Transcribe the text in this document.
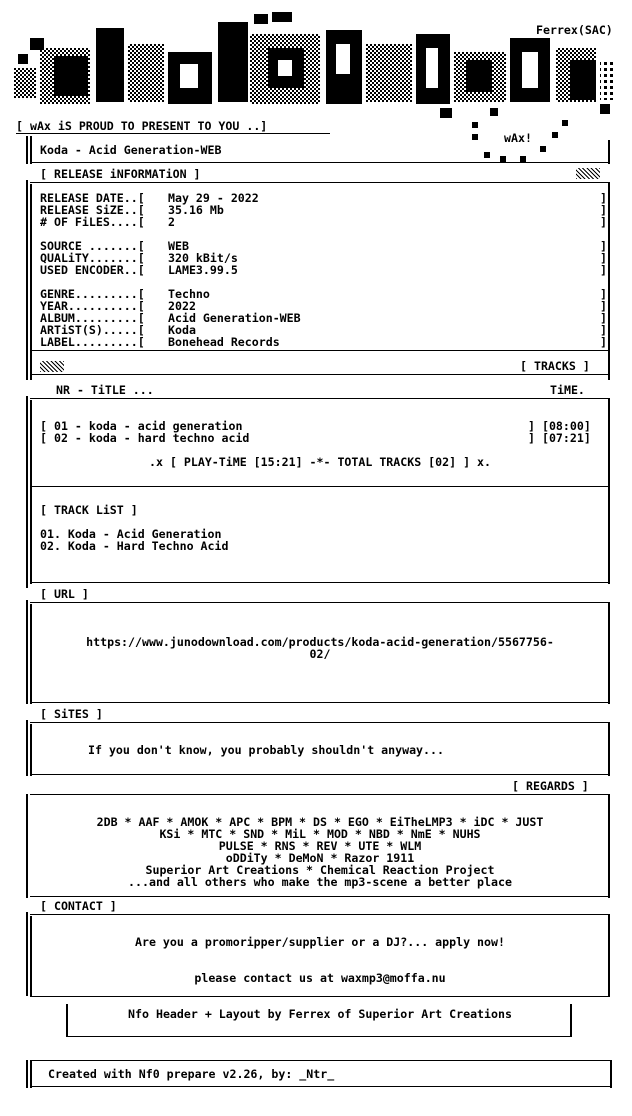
Ferrex(SAC)
[ wAx iS PROUD TO PRESENT TO YOU ..]
wAx!
Koda - Acid Generation-WEB
[ RELEASE iNFORMATiON ]
RELEASE DATE..[ May 29 - 2022	]
RELEASE SiZE..[ 35.16 Mb	]
# OF FiLES....[ 2	]
SOURCE .......[ WEB	]
QUALiTY.......[ 320 kBit/s	]
USED ENCODER..[ LAME3.99.5	]
GENRE.........[ Techno	]
YEAR..........[ 2022	]
ALBUM.........[ Acid Generation-WEB	]
ARTiST(S).....[ Koda	]
LABEL.........[ Bonehead Records	]
[ TRACKS ]
NR - TiTLE ...	TiME.
[ 01 - koda - acid generation	] [08:00]
[ 02 - koda - hard techno acid	] [07:21]
.x [ PLAY-TiME [15:21] -*- TOTAL TRACKS [02] ] x.
[ TRACK LiST ]
01. Koda - Acid Generation
02. Koda - Hard Techno Acid
[ URL ]
https://www.junodownload.com/products/koda-acid-generation/5567756-
02/
[ SiTES ]
If you don't know, you probably shouldn't anyway...
[ REGARDS ]
2DB * AAF * AMOK * APC * BPM * DS * EGO * EiTheLMP3 * iDC * JUST
KSi * MTC * SND * MiL * MOD * NBD * NmE * NUHS
PULSE * RNS * REV * UTE * WLM
oDDiTy * DeMoN * Razor 1911
Superior Art Creations * Chemical Reaction Project
...and all others who make the mp3-scene a better place
[ CONTACT ]
Are you a promoripper/supplier or a DJ?... apply now!
please contact us at waxmp3@moffa.nu
Nfo Header + Layout by Ferrex of Superior Art Creations
Created with Nf0 prepare v2.26, by: _Ntr_
